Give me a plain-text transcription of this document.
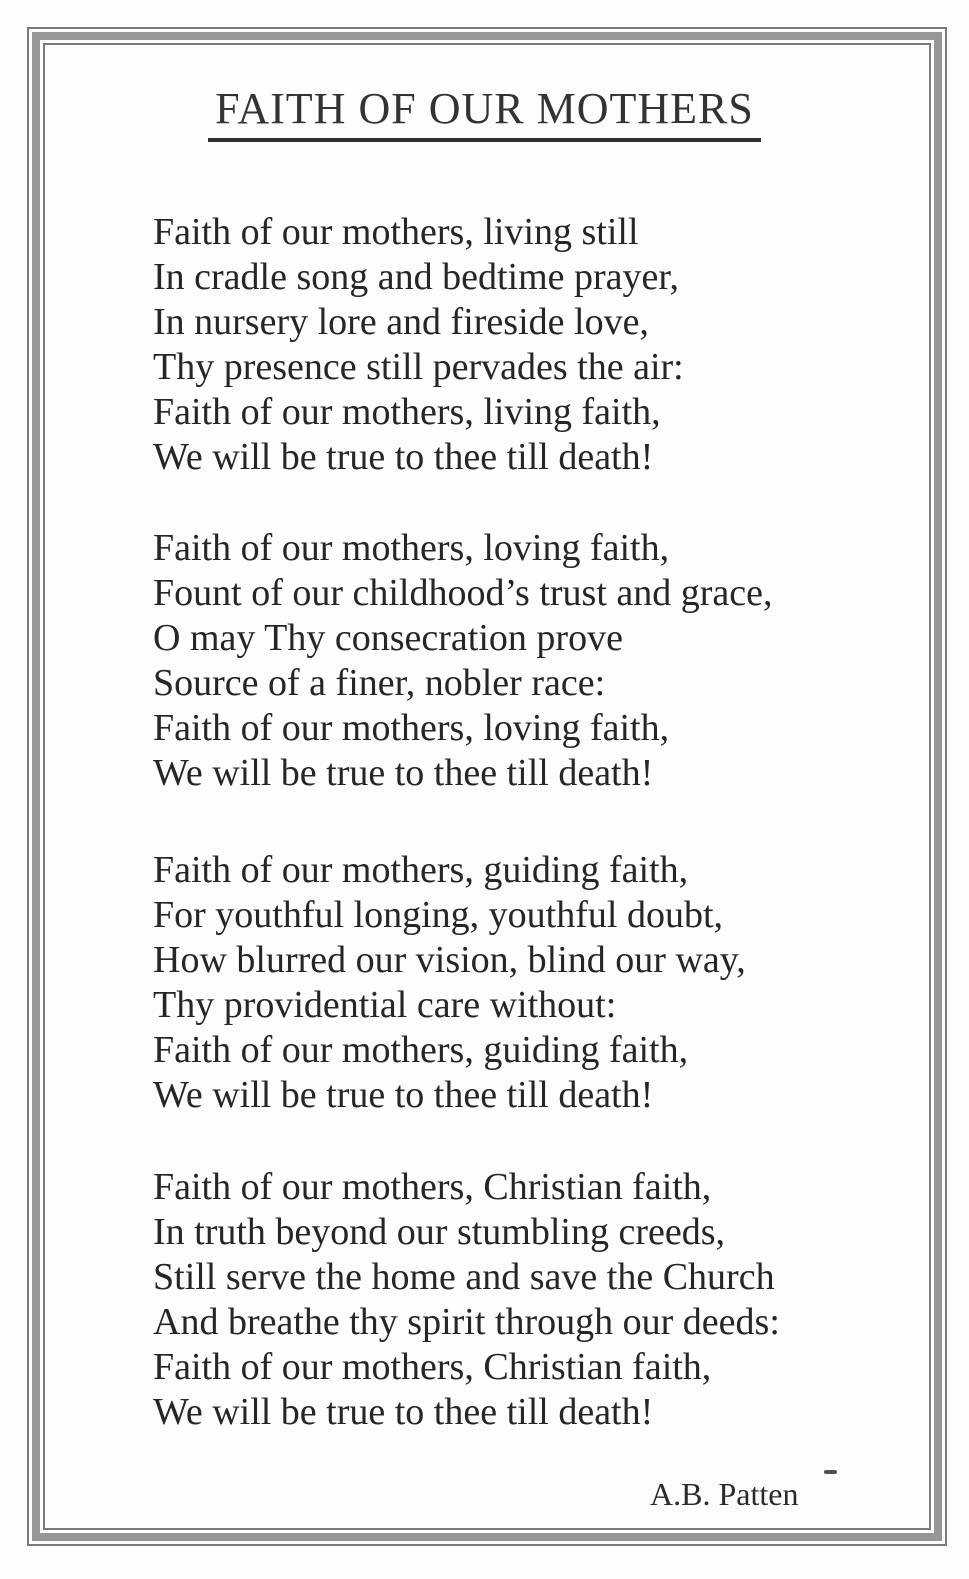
FAITH OF OUR MOTHERS
Faith of our mothers, living still
In cradle song and bedtime prayer,
In nursery lore and fireside love,
Thy presence still pervades the air:
Faith of our mothers, living faith,
We will be true to thee till death!
Faith of our mothers, loving faith,
Fount of our childhood’s trust and grace,
O may Thy consecration prove
Source of a finer, nobler race:
Faith of our mothers, loving faith,
We will be true to thee till death!
Faith of our mothers, guiding faith,
For youthful longing, youthful doubt,
How blurred our vision, blind our way,
Thy providential care without:
Faith of our mothers, guiding faith,
We will be true to thee till death!
Faith of our mothers, Christian faith,
In truth beyond our stumbling creeds,
Still serve the home and save the Church
And breathe thy spirit through our deeds:
Faith of our mothers, Christian faith,
We will be true to thee till death!
A.B. Patten
